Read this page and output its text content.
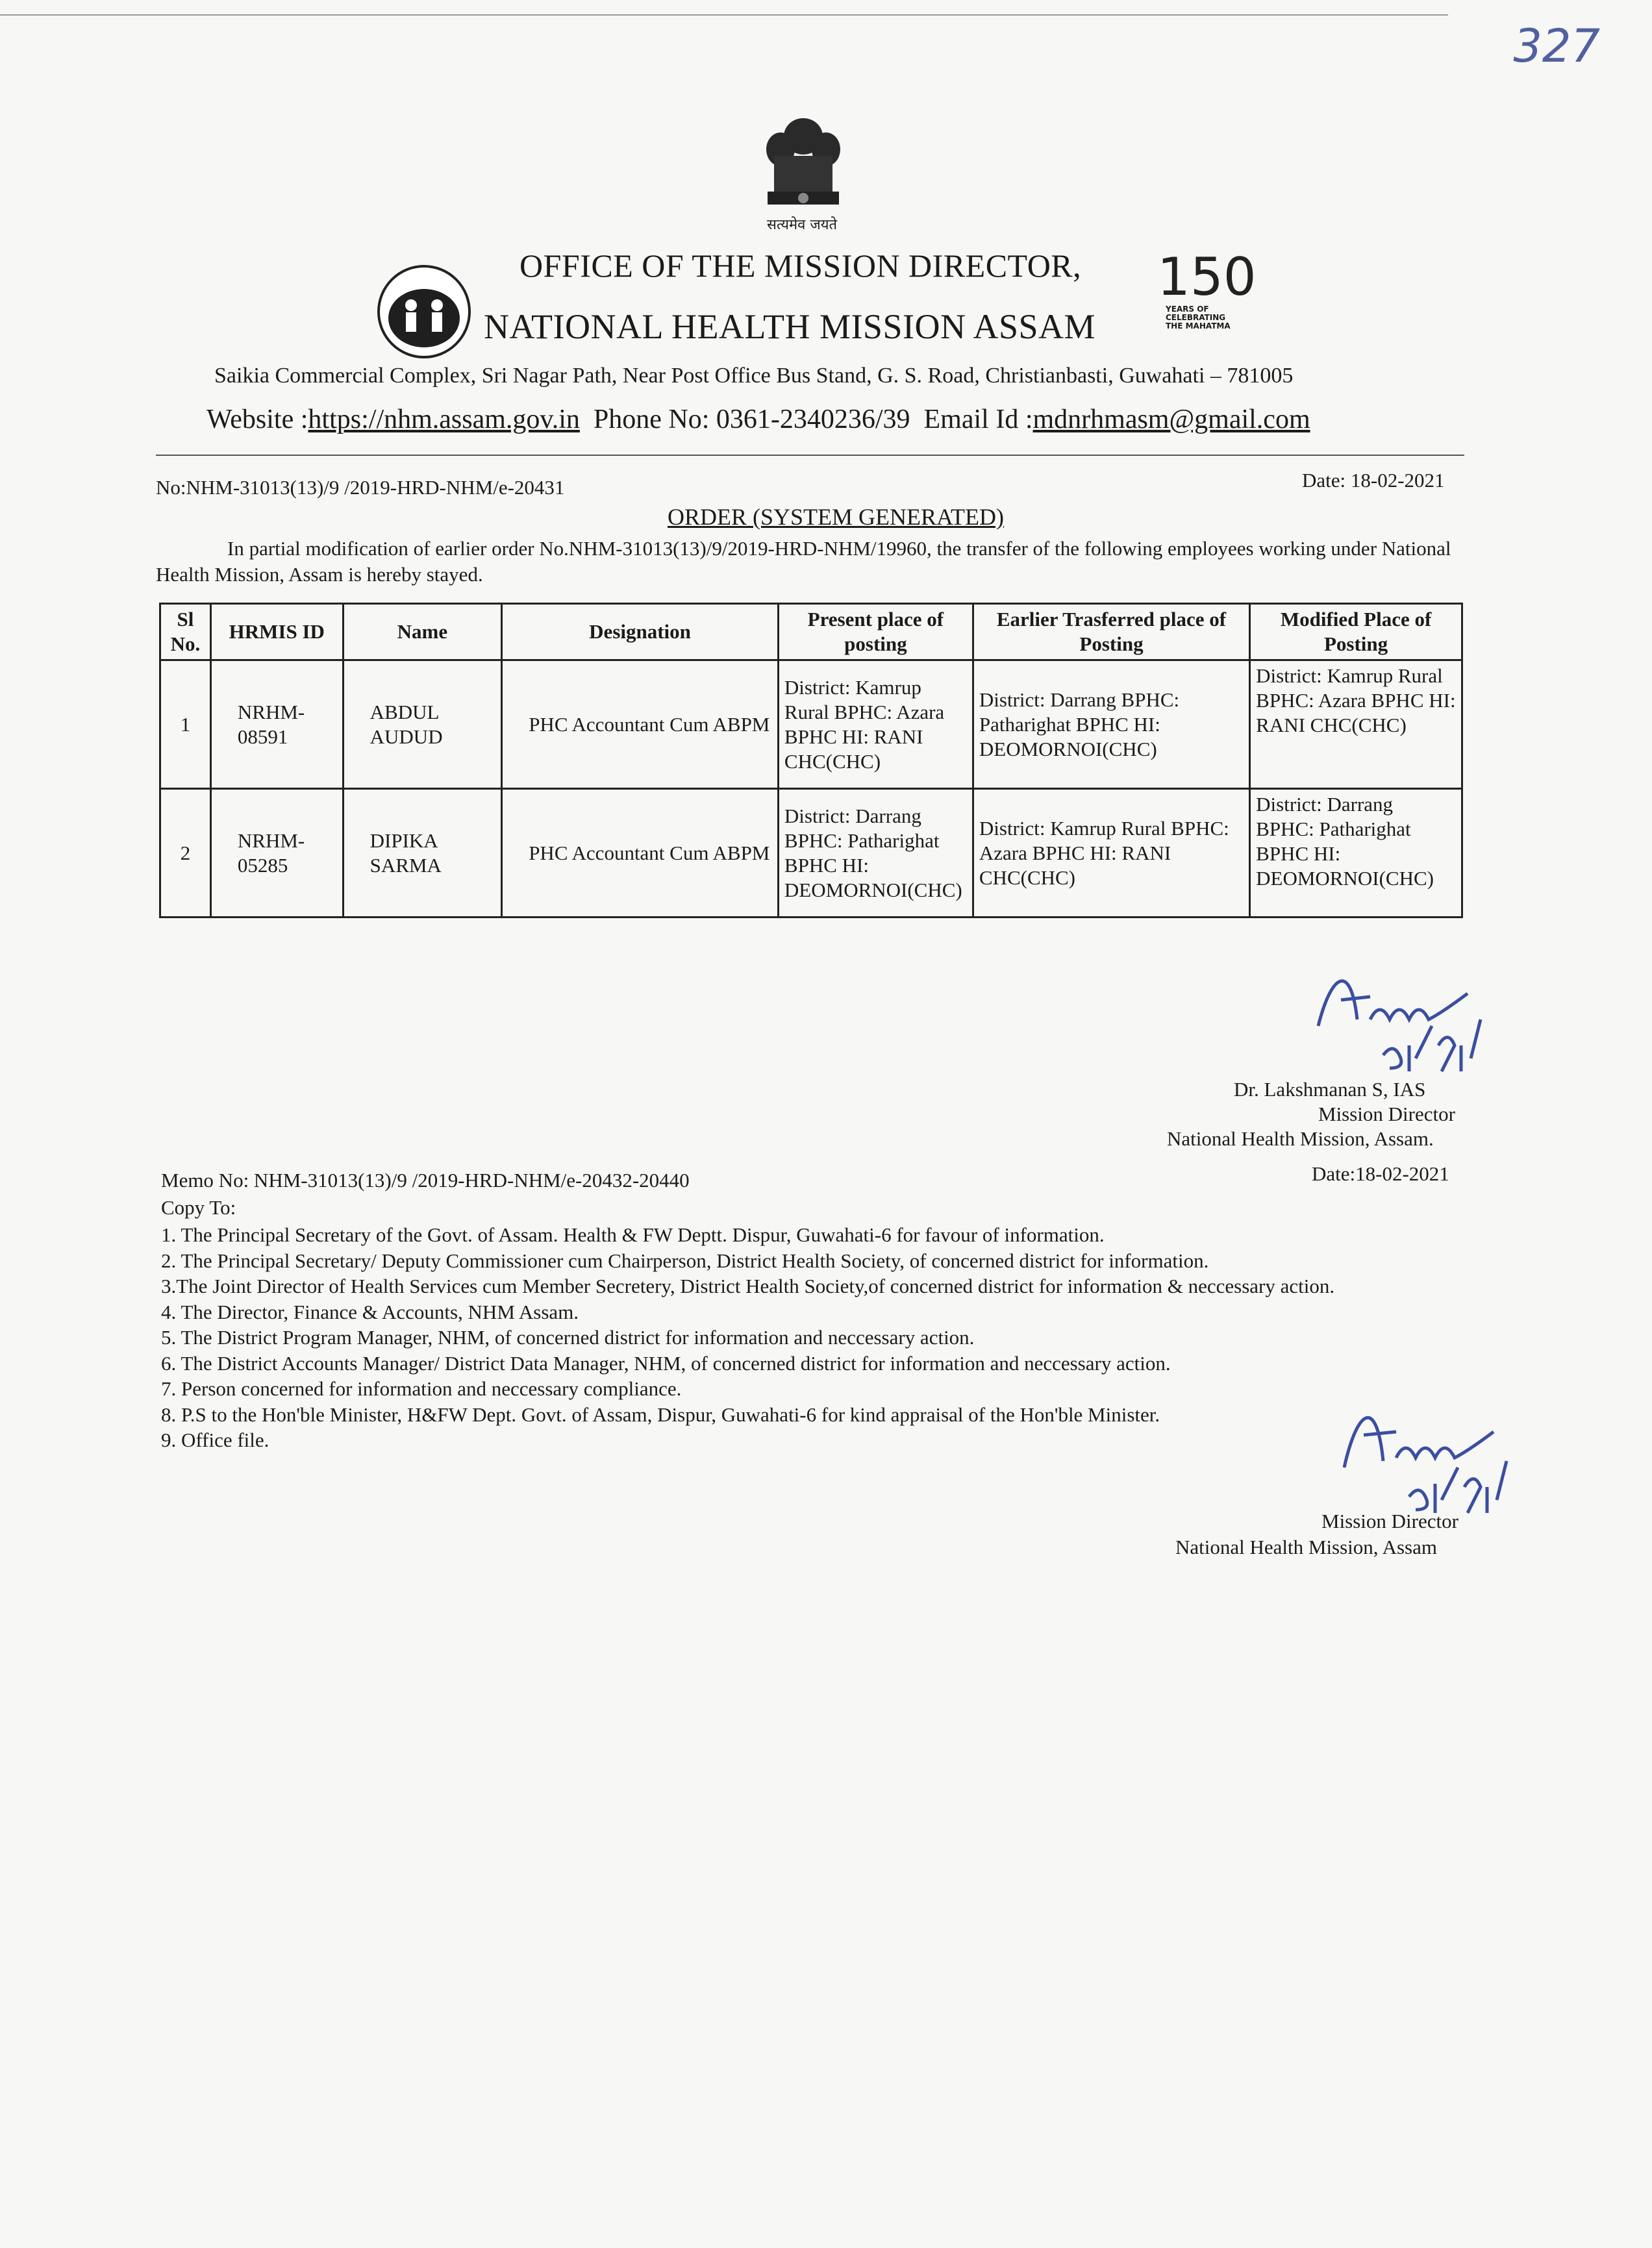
327
सत्यमेव जयते
150
YEARS OF CELEBRATING THE MAHATMA
OFFICE OF THE MISSION DIRECTOR,
NATIONAL HEALTH MISSION ASSAM
Saikia Commercial Complex, Sri Nagar Path, Near Post Office Bus Stand, G. S. Road, Christianbasti, Guwahati – 781005
Website :https://nhm.assam.gov.in Phone No: 0361-2340236/39 Email Id :mdnrhmasm@gmail.com
No:NHM-31013(13)/9 /2019-HRD-NHM/e-20431	Date: 18-02-2021
ORDER (SYSTEM GENERATED)
In partial modification of earlier order No.NHM-31013(13)/9/2019-HRD-NHM/19960, the transfer of the following employees working under National Health Mission, Assam is hereby stayed.
Sl No.	HRMIS ID	Name	Designation	Present place of posting	Earlier Trasferred place of Posting	Modified Place of Posting
1	NRHM-08591	ABDUL AUDUD	PHC Accountant Cum ABPM	District: Kamrup Rural BPHC: Azara BPHC HI: RANI CHC(CHC)	District: Darrang BPHC: Patharighat BPHC HI: DEOMORNOI(CHC)	District: Kamrup Rural BPHC: Azara BPHC HI: RANI CHC(CHC)
2	NRHM-05285	DIPIKA SARMA	PHC Accountant Cum ABPM	District: Darrang BPHC: Patharighat BPHC HI: DEOMORNOI(CHC)	District: Kamrup Rural BPHC: Azara BPHC HI: RANI CHC(CHC)	District: Darrang BPHC: Patharighat BPHC HI: DEOMORNOI(CHC)
Dr. Lakshmanan S, IAS
Mission Director
National Health Mission, Assam.
Memo No: NHM-31013(13)/9 /2019-HRD-NHM/e-20432-20440	Date:18-02-2021
Copy To:
1. The Principal Secretary of the Govt. of Assam. Health & FW Deptt. Dispur, Guwahati-6 for favour of information.
2. The Principal Secretary/ Deputy Commissioner cum Chairperson, District Health Society, of concerned district for information.
3.The Joint Director of Health Services cum Member Secretery, District Health Society,of concerned district for information & neccessary action.
4. The Director, Finance & Accounts, NHM Assam.
5. The District Program Manager, NHM, of concerned district for information and neccessary action.
6. The District Accounts Manager/ District Data Manager, NHM, of concerned district for information and neccessary action.
7. Person concerned for information and neccessary compliance.
8. P.S to the Hon'ble Minister, H&FW Dept. Govt. of Assam, Dispur, Guwahati-6 for kind appraisal of the Hon'ble Minister.
9. Office file.
Mission Director
National Health Mission, Assam
